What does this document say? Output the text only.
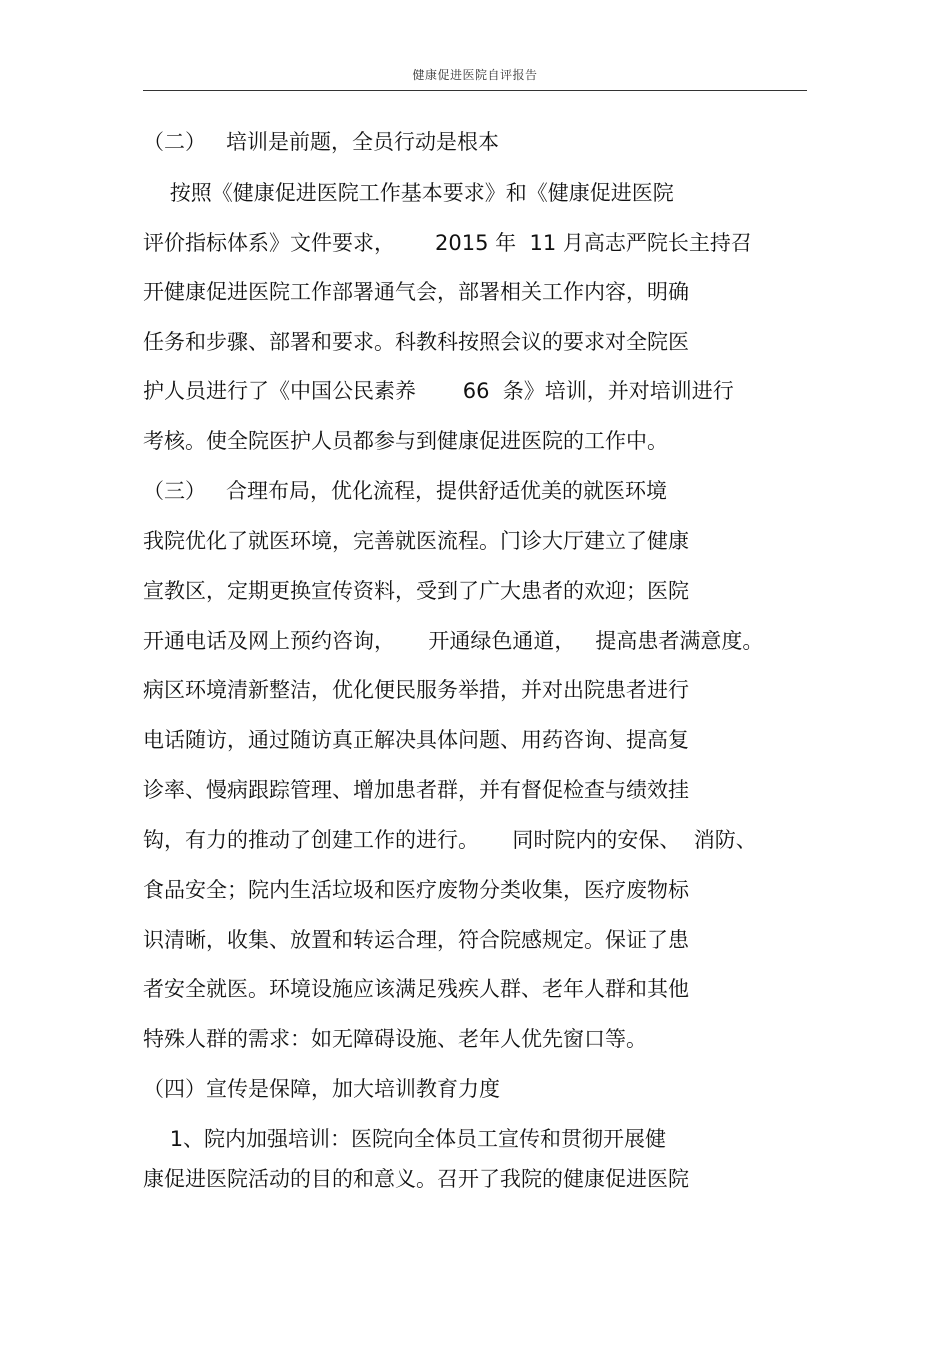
健康促进医院自评报告
（二）   培训是前题，全员行动是根本
按照《健康促进医院工作基本要求》和《健康促进医院
评价指标体系》文件要求，      2015 年  11 月高志严院长主持召
开健康促进医院工作部署通气会，部署相关工作内容，明确
任务和步骤、部署和要求。科教科按照会议的要求对全院医
护人员进行了《中国公民素养       66  条》培训，并对培训进行
考核。使全院医护人员都参与到健康促进医院的工作中。
（三）   合理布局，优化流程，提供舒适优美的就医环境
我院优化了就医环境，完善就医流程。门诊大厅建立了健康
宣教区，定期更换宣传资料，受到了广大患者的欢迎；医院
开通电话及网上预约咨询，     开通绿色通道，   提高患者满意度。
病区环境清新整洁，优化便民服务举措，并对出院患者进行
电话随访，通过随访真正解决具体问题、用药咨询、提高复
诊率、慢病跟踪管理、增加患者群，并有督促检查与绩效挂
钩，有力的推动了创建工作的进行。     同时院内的安保、  消防、
食品安全；院内生活垃圾和医疗废物分类收集，医疗废物标
识清晰，收集、放置和转运合理，符合院感规定。保证了患
者安全就医。环境设施应该满足残疾人群、老年人群和其他
特殊人群的需求：如无障碍设施、老年人优先窗口等。
（四）宣传是保障，加大培训教育力度
1、院内加强培训：医院向全体员工宣传和贯彻开展健
康促进医院活动的目的和意义。召开了我院的健康促进医院
